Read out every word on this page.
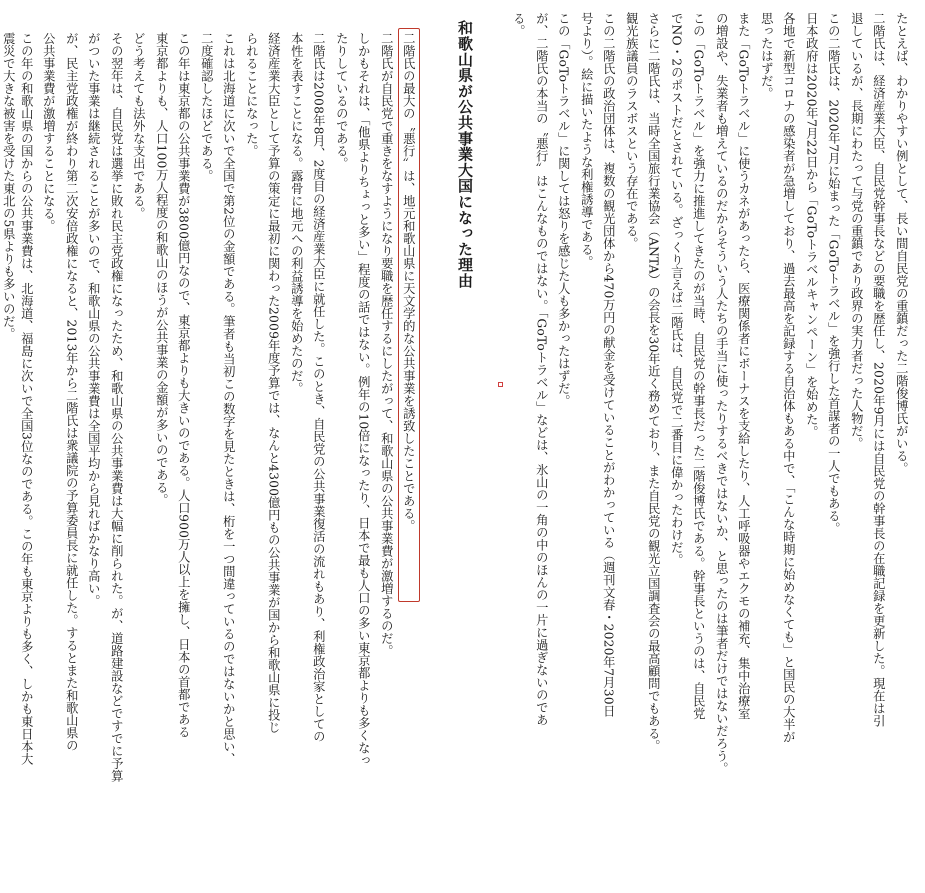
たとえば、わかりやすい例として、長い間自民党の重鎮だった二階俊博氏がいる。
二階氏は、経済産業大臣、自民党幹事長などの要職を歴任し、2020年9月には自民党の幹事長の在職記録を更新した。現在は引
退しているが、長期にわたって与党の重鎮であり政界の実力者だった人物だ。
この二階氏は、2020年7月に始まった「GoToトラベル」を強行した首謀者の一人でもある。
日本政府は2020年7月22日から「GoToトラベルキャンペーン」を始めた。
各地で新型コロナの感染者が急増しており、過去最高を記録する自治体もある中で、「こんな時期に始めなくても」と国民の大半が
思ったはずだ。
また「GoToトラベル」に使うカネがあったら、医療関係者にボーナスを支給したり、人工呼吸器やエクモの補充、集中治療室
の増設や、失業者も増えているのだからそういう人たちの手当に使ったりするべきではないか、と思ったのは筆者だけではないだろう。
この「GoToトラベル」を強力に推進してきたのが当時、自民党の幹事長だった二階俊博氏である。幹事長というのは、自民党
でNO・2のポストだとされている。ざっくり言えば二階氏は、自民党で二番目に偉かったわけだ。
さらに二階氏は、当時全国旅行業協会（ANTA）の会長を30年近く務めており、また自民党の観光立国調査会の最高顧問でもある。
観光族議員のラスボスという存在である。
この二階氏の政治団体は、複数の観光団体から470万円の献金を受けていることがわかっている（週刊文春・2020年7月30日
号より）。絵に描いたような利権誘導である。
この「GoToトラベル」に関しては怒りを感じた人も多かったはずだ。
が、二階氏の本当の〝悪行〟はこんなものではない。「GoToトラベル」などは、氷山の一角の中のほんの一片に過ぎないのであ
る。
和歌山県が公共事業大国になった理由
二階氏の最大の〝悪行〟は、地元和歌山県に天文学的な公共事業を誘致したことである。
二階氏が自民党で重きをなすようになり要職を歴任するにしたがって、和歌山県の公共事業費が激増するのだ。
しかもそれは、「他県よりちょっと多い」程度の話ではない。例年の10倍になったり、日本で最も人口の多い東京都よりも多くなっ
たりしているのである。
二階氏は2008年8月、2度目の経済産業大臣に就任した。このとき、自民党の公共事業復活の流れもあり、利権政治家としての
本性を表すことになる。露骨に地元への利益誘導を始めたのだ。
経済産業大臣として予算の策定に最初に関わった2009年度予算では、なんと4300億円もの公共事業が国から和歌山県に投じ
られることになった。
これは北海道に次いで全国で第2位の金額である。筆者も当初この数字を見たときは、桁を一つ間違っているのではないかと思い、
二度確認したほどである。
この年は東京都の公共事業費が3800億円なので、東京都よりも大きいのである。人口900万人以上を擁し、日本の首都である
東京都よりも、人口100万人程度の和歌山のほうが公共事業の金額が多いのである。
どう考えても法外な支出である。
その翌年は、自民党は選挙に敗れ民主党政権になったため、和歌山県の公共事業費は大幅に削られた。が、道路建設などですでに予算
がついた事業は継続されることが多いので、和歌山県の公共事業費は全国平均から見ればかなり高い。
が、民主党政権が終わり第二次安倍政権になると、2013年から二階氏は衆議院の予算委員長に就任した。するとまた和歌山県の
公共事業費が激増することになる。
この年の和歌山県の国からの公共事業費は、北海道、福島に次いで全国3位なのである。この年も東京よりも多く、しかも東日本大
震災で大きな被害を受けた東北の5県よりも多いのだ。
